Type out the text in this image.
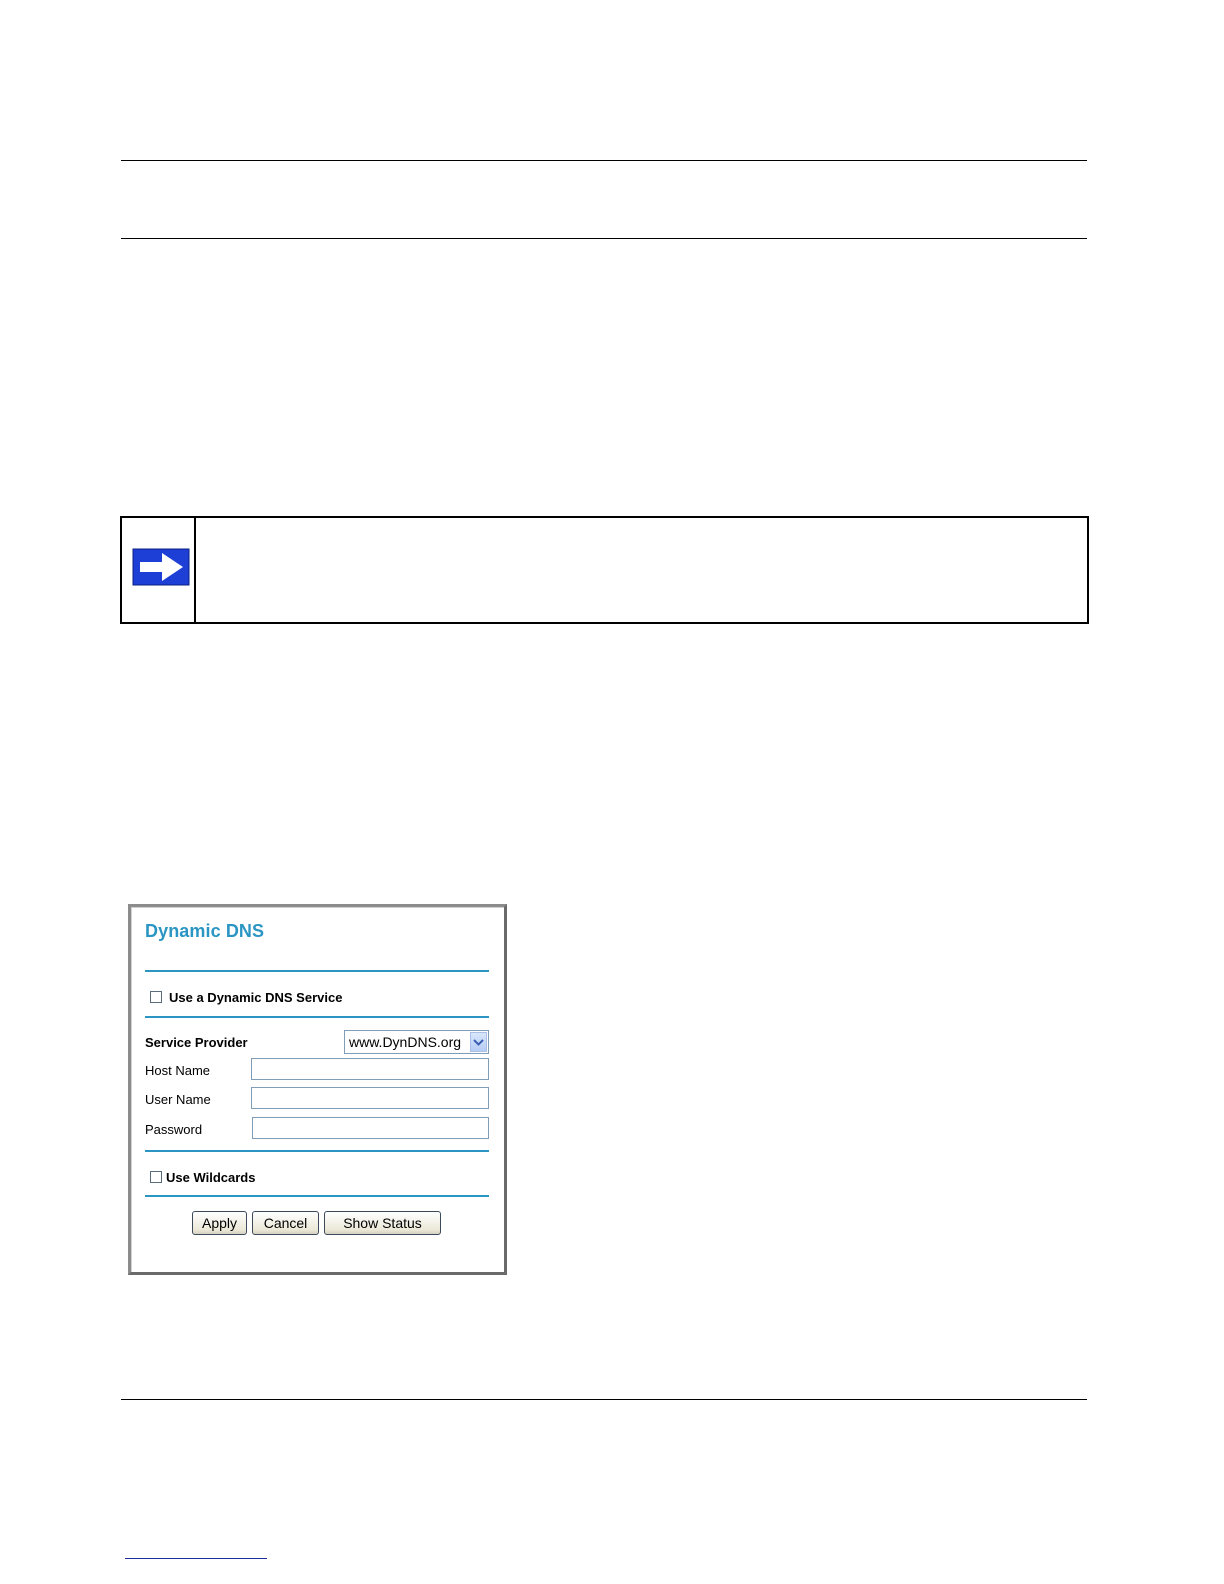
Dynamic DNS
Use a Dynamic DNS Service
Service Provider	www.DynDNS.org
Host Name
User Name
Password
Use Wildcards
Apply	Cancel	Show Status
